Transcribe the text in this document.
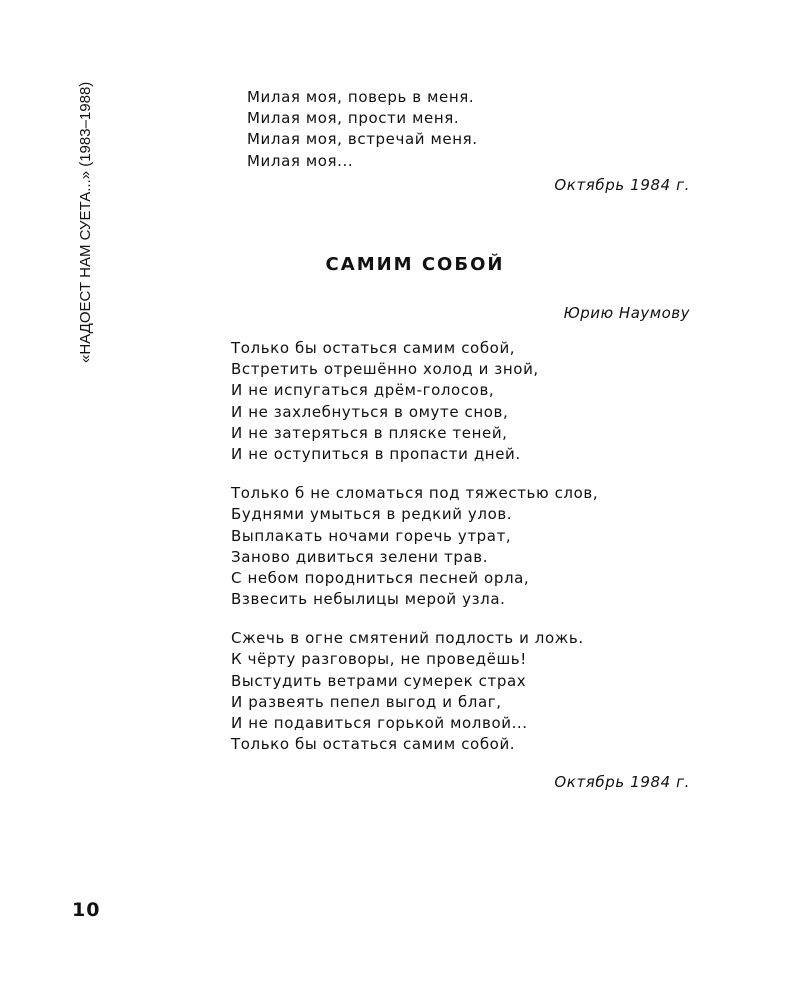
«НАДОЕСТ НАМ СУЕТА...» (1983–1988)	Милая моя, поверь в меня.
Милая моя, прости меня.
Милая моя, встречай меня.
Милая моя...
Октябрь 1984 г.
САМИМ СОБОЙ
Юрию Наумову
Только бы остаться самим собой,
Встретить отрешённо холод и зной,
И не испугаться дрём-голосов,
И не захлебнуться в омуте снов,
И не затеряться в пляске теней,
И не оступиться в пропасти дней.
Только б не сломаться под тяжестью слов,
Буднями умыться в редкий улов.
Выплакать ночами горечь утрат,
Заново дивиться зелени трав.
С небом породниться песней орла,
Взвесить небылицы мерой узла.
Сжечь в огне смятений подлость и ложь.
К чёрту разговоры, не проведёшь!
Выстудить ветрами сумерек страх
И развеять пепел выгод и благ,
И не подавиться горькой молвой...
Только бы остаться самим собой.
Октябрь 1984 г.
10
